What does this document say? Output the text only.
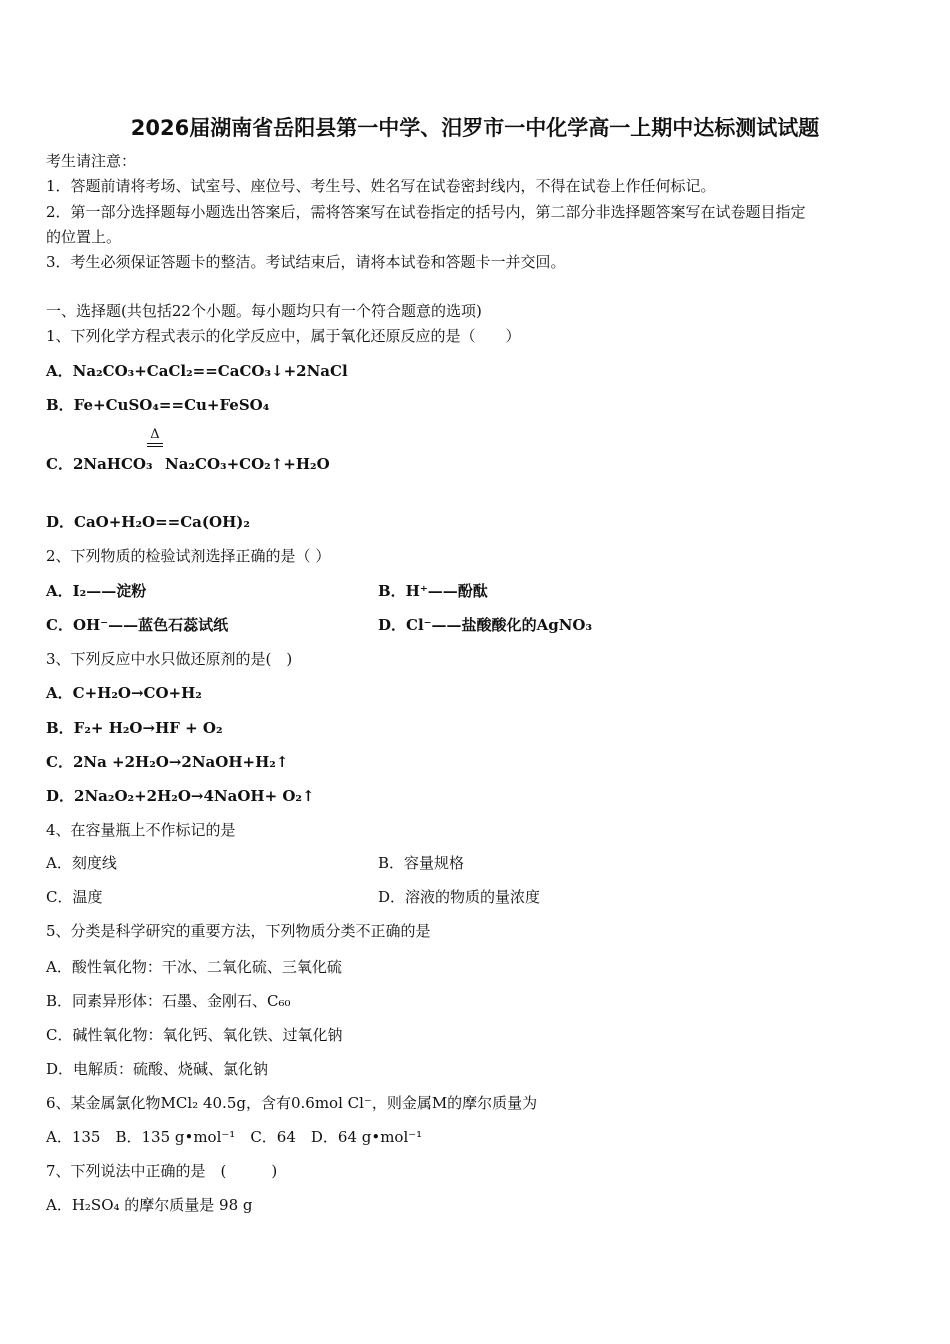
2026届湖南省岳阳县第一中学、汨罗市一中化学高一上期中达标测试试题
考生请注意：
1．答题前请将考场、试室号、座位号、考生号、姓名写在试卷密封线内，不得在试卷上作任何标记。
2．第一部分选择题每小题选出答案后，需将答案写在试卷指定的括号内，第二部分非选择题答案写在试卷题目指定
的位置上。
3．考生必须保证答题卡的整洁。考试结束后，请将本试卷和答题卡一并交回。
一、选择题(共包括22个小题。每小题均只有一个符合题意的选项)
1、下列化学方程式表示的化学反应中，属于氧化还原反应的是（　　）
A．Na₂CO₃+CaCl₂==CaCO₃↓+2NaCl
B．Fe+CuSO₄==Cu+FeSO₄
Δ
C．2NaHCO₃ Na₂CO₃+CO₂↑+H₂O
D．CaO+H₂O==Ca(OH)₂
2、下列物质的检验试剂选择正确的是（ ）
A．I₂——淀粉	B．H⁺——酚酞
C．OH⁻——蓝色石蕊试纸	D．Cl⁻——盐酸酸化的AgNO₃
3、下列反应中水只做还原剂的是(　)
A．C+H₂O→CO+H₂
B．F₂+ H₂O→HF + O₂
C．2Na +2H₂O→2NaOH+H₂↑
D．2Na₂O₂+2H₂O→4NaOH+ O₂↑
4、在容量瓶上不作标记的是
A．刻度线	B．容量规格
C．温度	D．溶液的物质的量浓度
5、分类是科学研究的重要方法，下列物质分类不正确的是
A．酸性氧化物：干冰、二氧化硫、三氧化硫
B．同素异形体：石墨、金刚石、C₆₀
C．碱性氧化物：氧化钙、氧化铁、过氧化钠
D．电解质：硫酸、烧碱、氯化钠
6、某金属氯化物MCl₂ 40.5g，含有0.6mol Cl⁻，则金属M的摩尔质量为
A．135　B．135 g•mol⁻¹　C．64　D．64 g•mol⁻¹
7、下列说法中正确的是　(　　　)
A．H₂SO₄ 的摩尔质量是 98 g
